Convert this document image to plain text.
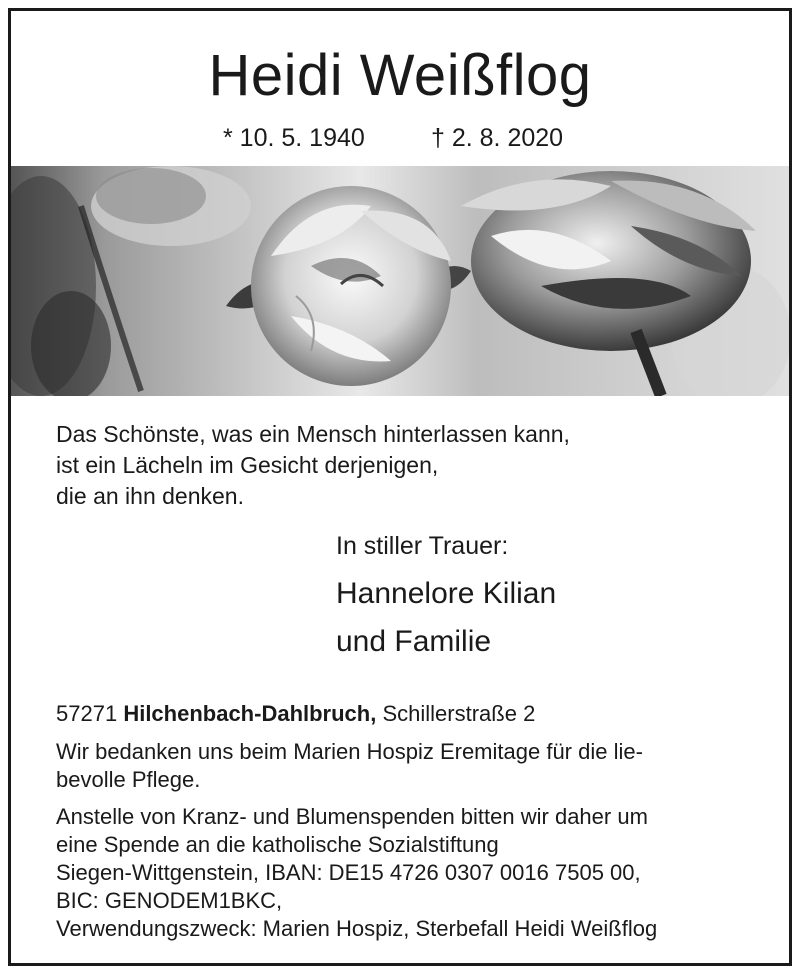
Heidi Weißflog
* 10. 5. 1940	† 2. 8. 2020
Das Schönste, was ein Mensch hinterlassen kann,
ist ein Lächeln im Gesicht derjenigen,
die an ihn denken.
In stiller Trauer:
Hannelore Kilian
und Familie
57271 Hilchenbach-Dahlbruch, Schillerstraße 2
Wir bedanken uns beim Marien Hospiz Eremitage für die lie-
bevolle Pflege.
Anstelle von Kranz- und Blumenspenden bitten wir daher um
eine Spende an die katholische Sozialstiftung
Siegen-Wittgenstein, IBAN: DE15 4726 0307 0016 7505 00,
BIC: GENODEM1BKC,
Verwendungszweck: Marien Hospiz, Sterbefall Heidi Weißflog
